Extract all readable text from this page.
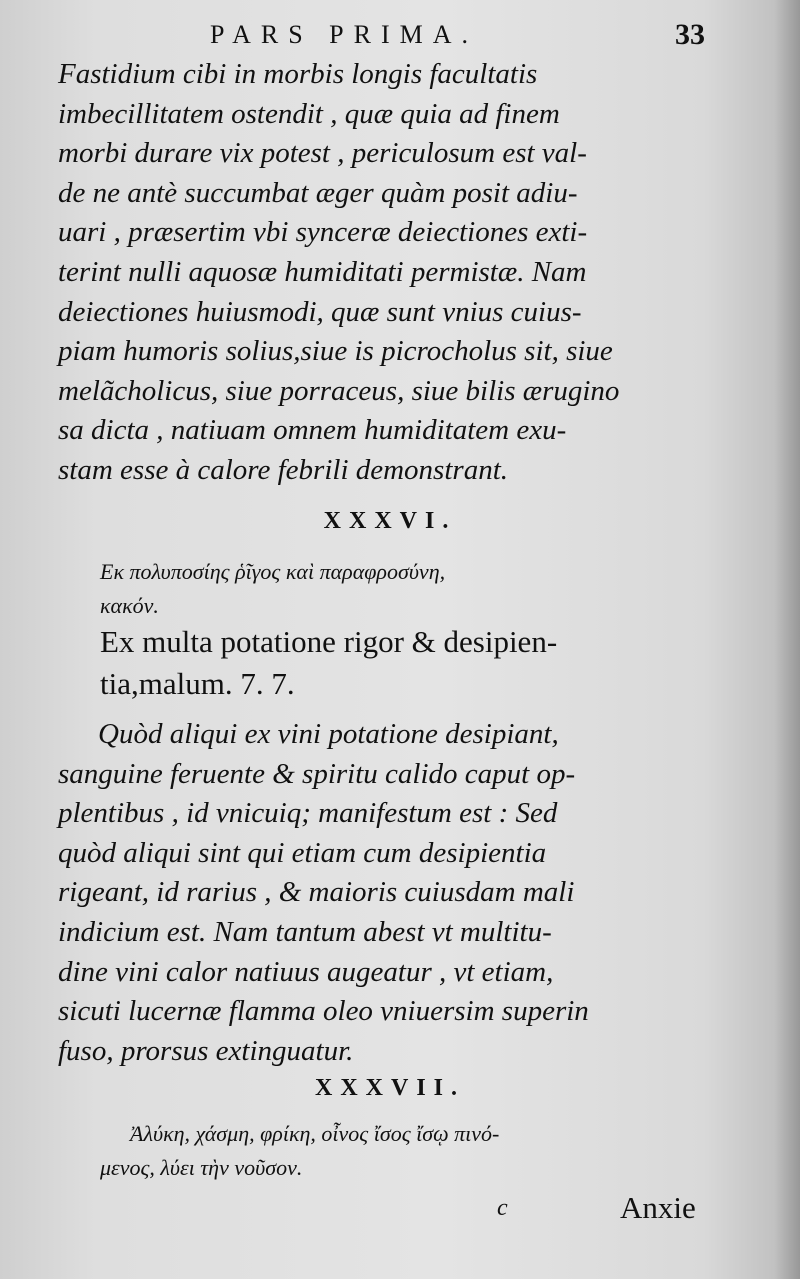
PARS PRIMA.	33
Fastidium cibi in morbis longis facultatis
imbecillitatem ostendit , quæ quia ad finem
morbi durare vix potest , periculosum est val-
de ne antè succumbat æger quàm posit adiu-
uari , præsertim vbi synceræ deiectiones exti-
terint nulli aquosæ humiditati permistæ. Nam
deiectiones huiusmodi, quæ sunt vnius cuius-
piam humoris solius,siue is picrocholus sit, siue
melãcholicus, siue porraceus, siue bilis ærugino
sa dicta , natiuam omnem humiditatem exu-
stam esse à calore febrili demonstrant.
XXXVI.
Εκ πολυποσίης ῥῖγος καὶ παραφροσύνη,
κακόν.
Ex multa potatione rigor & desipien-
tia,malum. 7. 7.
Quòd aliqui ex vini potatione desipiant,
sanguine feruente & spiritu calido caput op-
plentibus , id vnicuiq; manifestum est : Sed
quòd aliqui sint qui etiam cum desipientia
rigeant, id rarius , & maioris cuiusdam mali
indicium est. Nam tantum abest vt multitu-
dine vini calor natiuus augeatur , vt etiam,
sicuti lucernæ flamma oleo vniuersim superin
fuso, prorsus extinguatur.
XXXVII.
Ἀλύκη, χάσμη, φρίκη, οἶνος ἴσος ἴσῳ πινό-
μενος, λύει τὴν νοῦσον.
c	Anxie
